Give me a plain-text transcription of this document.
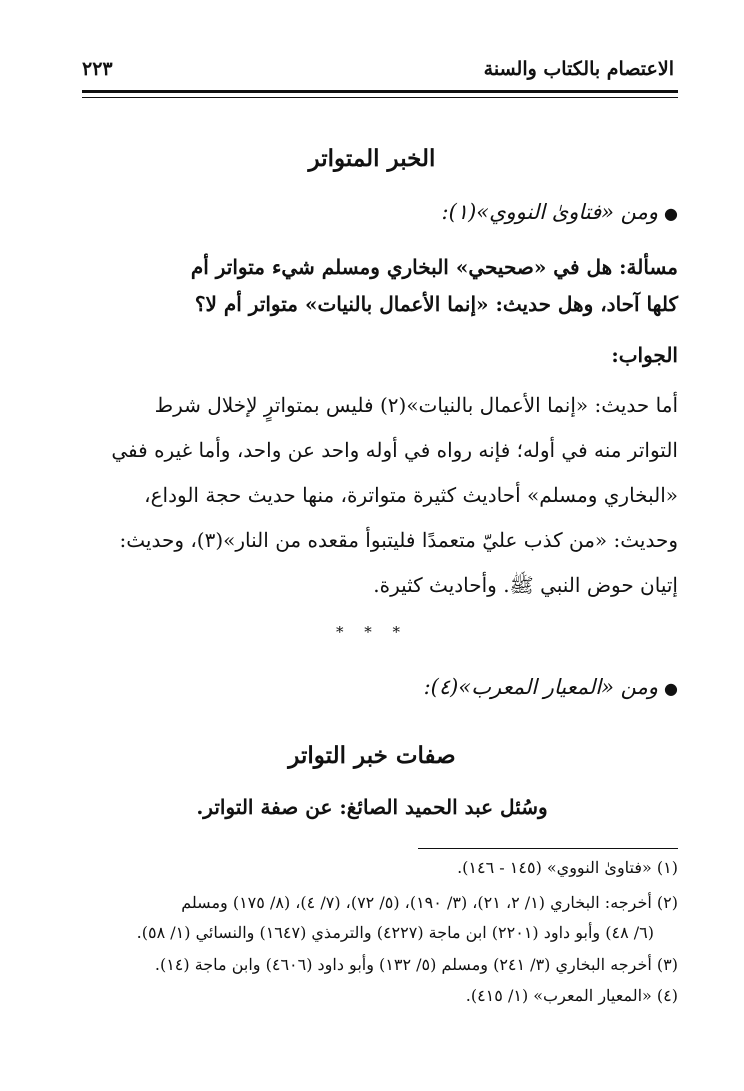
الاعتصام بالكتاب والسنة
٢٢٣
الخبر المتواتر
●ومن «فتاوىٰ النووي»(١):
مسألة: هل في «صحيحي» البخاري ومسلم شيء متواتر أم
كلها آحاد، وهل حديث: «إنما الأعمال بالنيات» متواتر أم لا؟
الجواب:
أما حديث: «إنما الأعمال بالنيات»(٢) فليس بمتواترٍ لإخلال شرط
التواتر منه في أوله؛ فإنه رواه في أوله واحد عن واحد، وأما غيره ففي
«البخاري ومسلم» أحاديث كثيرة متواترة، منها حديث حجة الوداع،
وحديث: «من كذب عليّ متعمدًا فليتبوأ مقعده من النار»(٣)، وحديث:
إتيان حوض النبي ﷺ. وأحاديث كثيرة.
* * *
●ومن «المعيار المعرب»(٤):
صفات خبر التواتر
وسُئل عبد الحميد الصائغ: عن صفة التواتر.
(١) «فتاوىٰ النووي» (١٤٥ - ١٤٦).
(٢) أخرجه: البخاري (١/ ٢، ٢١)، (٣/ ١٩٠)، (٥/ ٧٢)، (٧/ ٤)، (٨/ ١٧٥) ومسلم
(٦/ ٤٨) وأبو داود (٢٢٠١) ابن ماجة (٤٢٢٧) والترمذي (١٦٤٧) والنسائي (١/ ٥٨).
(٣) أخرجه البخاري (٣/ ٢٤١) ومسلم (٥/ ١٣٢) وأبو داود (٤٦٠٦) وابن ماجة (١٤).
(٤) «المعيار المعرب» (١/ ٤١٥).
